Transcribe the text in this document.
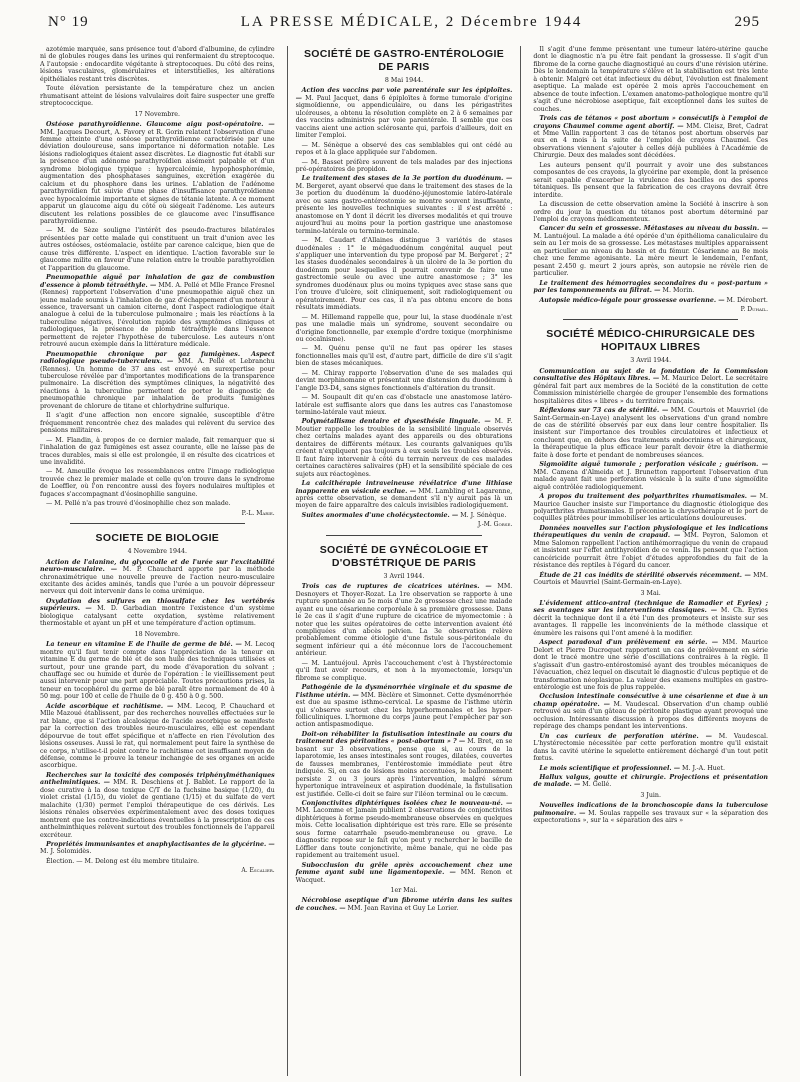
N° 19	LA PRESSE MÉDICALE, 2 Décembre 1944	295

azotémie marquée, sans présence tout d'abord d'albumine, de cylindre ni de globules rouges dans les urines qui renfermaient du streptocoque. A l'autopsie : endocardite végétante à streptocoques. Du côté des reins, lésions vasculaires, glomérulaires et interstitielles, les altérations épithéliales restant très discrètes.

Toute élévation persistante de la température chez un ancien rhumatisant atteint de lésions valvulaires doit faire suspecter une greffe streptococcique.

17 Novembre.

Ostéose parathyroïdienne. Glaucome aigu post-opératoire. — MM. Jacques Decourt, A. Favory et R. Gorin relatent l'observation d'une femme atteinte d'une ostéose parathyroïdienne caractérisée par une déviation douloureuse, sans importance ni déformation notable. Les lésions radiologiques étaient assez discrètes. Le diagnostic fut établi sur la présence d'un adénome parathyroïdien aisément palpable et d'un syndrome biologique typique : hypercalcémie, hypophosphorémie, augmentation des phosphatases sanguines, excrétion exagérée du calcium et du phosphore dans les urines. L'ablation de l'adénome parathyroïdien fut suivie d'une phase d'insuffisance parathyroïdienne avec hypocalcémie importante et signes de tétanie latente. A ce moment apparut un glaucome aigu du côté où siégeait l'adénome. Les auteurs discutent les relations possibles de ce glaucome avec l'insuffisance parathyroïdienne.

— M. de Sèze souligne l'intérêt des pseudo-fractures bilatérales présentées par cette malade qui constituent un trait d'union avec les autres ostéoses, ostéomalacie, ostéite par carence calcique, bien que de cause très différente. L'aspect en identique. L'action favorable sur le glaucome milite en faveur d'une relation entre le trouble parathyroïdien et l'apparition du glaucome.

Pneumopathie aiguë par inhalation de gaz de combustion d'essence à plomb tétraéthyle. — MM. A. Pellé et Mlle France Fresnel (Rennes) rapportent l'observation d'une pneumopathie aiguë chez un jeune malade soumis à l'inhalation de gaz d'échappement d'un moteur à essence, traversant un camion citerne, dont l'aspect radiologique était analogue à celui de la tuberculose pulmonaire ; mais les réactions à la tuberculine négatives, l'évolution rapide des symptômes cliniques et radiologiques, la présence de plomb tétraéthyle dans l'essence permettent de rejeter l'hypothèse de tuberculose. Les auteurs n'ont retrouvé aucun exemple dans la littérature médicale.

Pneumopathie chronique par gaz fumigènes. Aspect radiologique pseudo-tuberculeux. — MM. A. Pellé et Lebranchu (Rennes). Un homme de 37 ans est envoyé en surexpertise pour tuberculose révélée par d'importantes modifications de la transparence pulmonaire. La discrétion des symptômes cliniques, la négativité des réactions à la tuberculine permettent de porter le diagnostic de pneumopathie chronique par inhalation de produits fumigènes provenant de chlorure de titane et chlorhydrine sulfurique.

Il s'agit d'une affection non encore signalée, susceptible d'être fréquemment rencontrée chez des malades qui relèvent du service des pensions militaires.

— M. Flandin, à propos de ce dernier malade, fait remarquer que si l'inhalation de gaz fumigènes est assez courante, elle ne laisse pas de traces durables, mais si elle est prolongée, il en résulte des cicatrices et une invalidité.

— M. Ameuille évoque les ressemblances entre l'image radiologique trouvée chez le premier malade et celle qu'on trouve dans le syndrome de Loeffler, où l'on rencontre aussi des foyers nodulaires multiples et fugaces s'accompagnant d'éosinophilie sanguine.

— M. Pellé n'a pas trouvé d'éosinophilie chez son malade.

P.-L. Marie.
SOCIETE DE BIOLOGIE
4 Novembre 1944.

Action de l'alanine, du glycocolle et de l'urée sur l'excitabilité neuro-musculaire. — M. P. Chauchard apporte par la méthode chronaximétrique une nouvelle preuve de l'action neuro-musculaire excitante des acides aminés, tandis que l'urée a un pouvoir dépresseur nerveux qui doit intervenir dans le coma urémique.

Oxydation des sulfures en thiosulfate chez les vertébrés supérieurs. — M. D. Garbadian montre l'existence d'un système biologique catalysant cette oxydation, système relativement thermostable et ayant un pH et une température d'action optimum.

18 Novembre.

La teneur en vitamine E de l'huile de germe de blé. — M. Lecoq montre qu'il faut tenir compte dans l'appréciation de la teneur en vitamine E du germe de blé et de son huile des techniques utilisées et surtout, pour une grande part, du mode d'évaporation du solvant ; chauffage sec ou humide et durée de l'opération : le vieillissement peut aussi intervenir pour une part appréciable. Toutes précautions prises, la teneur en tocophérol du germe de blé paraît être normalement de 40 à 50 mg. pour 100 et celle de l'huile de 0 g. 450 à 0 g. 500.

Acide ascorbique et rachitisme. — MM. Lecoq, P. Chauchard et Mlle Mazoué établissent, par des recherches nouvelles effectuées sur le rat blanc, que si l'action alcalosique de l'acide ascorbique se manifeste par la correction des troubles neuro-musculaires, elle est cependant dépourvue de tout effet spécifique et n'affecte en rien l'évolution des lésions osseuses. Aussi le rat, qui normalement peut faire la synthèse de ce corps, n'utilise-t-il point contre le rachitisme cet insuffisant moyen de défense, comme le prouve la teneur inchangée de ses organes en acide ascorbique.

Recherches sur la toxicité des composés triphénylméthaniques anthelmintiques. — MM. R. Deschiens et J. Bablet. Le rapport de la dose curative à la dose toxique C/T de la fuchsine basique (1/20), du violet cristal (1/15), du violet de gentiane (1/15) et du sulfate de vert malachite (1/30) permet l'emploi thérapeutique de ces dérivés. Les lésions rénales observées expérimentalement avec des doses toxiques montrent que les contre-indications éventuelles à la prescription de ces anthelminthiques relèvent surtout des troubles fonctionnels de l'appareil excréteur.

Propriétés immunisantes et anaphylactisantes de la glycérine. — M. J. Solomidès.

Élection. — M. Delong est élu membre titulaire.

A. Escalier.
SOCIÉTÉ DE GASTRO-ENTÉROLOGIE DE PARIS
8 Mai 1944.

Action des vaccins par voie parentérale sur les épiploïtes. — M. Paul Jacquet, dans 6 épiploïtes à forme tumorale d'origine sigmoïdienne, ou appendiculaire, ou dans les périgastrites ulcéreuses, a obtenu la résolution complète en 2 à 6 semaines par des vaccins administrés par voie parentérale. Il semble que ces vaccins aient une action sclérosante qui, parfois d'ailleurs, doit en limiter l'emploi.

— M. Sénèque a observé des cas semblables qui ont cédé au repos et à la glace appliquée sur l'abdomen.

— M. Basset préfère souvent de tels malades par des injections pré-opératoires de propidon.

Le traitement des stases de la 3e portion du duodénum. — M. Bergeret, ayant observé que dans le traitement des stases de la 3e portion du duodénum la duodéno-jéjunostomie latéro-latérale avec ou sans gastro-entérostomie se montre souvent insuffisante, présente les nouvelles techniques suivantes : il s'est arrêté : anastomose en Y dont il décrit les diverses modalités et qui trouve aujourd'hui au moins pour la portion gastrique une anastomose termino-latérale ou termino-terminale.

— M. Caudart d'Allaines distingue 3 variétés de stases duodénales : 1° le mégaduodénum congénital auquel peut s'appliquer une intervention du type proposé par M. Bergeret ; 2° les stases duodénales secondaires à un ulcère de la 3e portion du duodénum pour lesquelles il pourrait convenir de faire une gastrectomie seule ou avec une autre anastomose ; 3° les syndromes duodénaux plus ou moins typiques avec stase sans que l'on trouve d'ulcère, soit cliniquement, soit radiologiquement ou opératoirement. Pour ces cas, il n'a pas obtenu encore de bons résultats immédiats.

— M. Hillemand rappelle que, pour lui, la stase duodénale n'est pas une maladie mais un syndrome, souvent secondaire ou d'origine fonctionnelle, par exemple d'ordre toxique (morphinisme ou cocaïnisme).

— M. Quénu pense qu'il ne faut pas opérer les stases fonctionnelles mais qu'il est, d'autre part, difficile de dire s'il s'agit bien de stases mécaniques.

— M. Chiray rapporte l'observation d'une de ses malades qui devint morphinomane et présentait une distension du duodénum à l'angle D3-D4, sans signes fonctionnels d'altération du transit.

— M. Soupault dit qu'en cas d'obstacle une anastomose latéro-latérale est suffisante alors que dans les autres cas l'anastomose termino-latérale vaut mieux.

Polymétallisme dentaire et dysesthésie linguale. — M. F. Moutier rappelle les troubles de la sensibilité linguale observés chez certains malades ayant des appareils ou des obturations dentaires de différents métaux. Les courants galvaniques qu'ils créent n'expliquent pas toujours à eux seuls les troubles observés. Il faut faire intervenir à côté du terrain nerveux de ces malades certaines caractères salivaires (pH) et la sensibilité spéciale de ces sujets aux réactogènes.

La calcithérapie intraveineuse révélatrice d'une lithiase inapparente en vésicule exclue. — MM. Lambling et Lagarenne, après cette observation, se demandent s'il n'y aurait pas là un moyen de faire apparaître des calculs invisibles radiologiquement.

Suites anormales d'une cholécystectomie. — M. J. Sénèque.

J.-M. Gorse.
SOCIÉTÉ DE GYNÉCOLOGIE ET D'OBSTÉTRIQUE DE PARIS
3 Avril 1944.

Trois cas de ruptures de cicatrices utérines. — MM. Desnoyers et Thoyer-Rozat. La 1re observation se rapporte à une rupture spontanée au 5e mois d'une 2e grossesse chez une malade ayant eu une césarienne corporéale à sa première grossesse. Dans le 2e cas il s'agit d'une rupture de cicatrice de myomectomie : à noter que les suites opératoires de cette intervention avaient été compliquées d'un abcès pelvien. La 3e observation relève probablement comme étiologie d'une fistule sous-péritonéale du segment inférieur qui a été méconnue lors de l'accouchement antérieur.

— M. Lantuéjoul. Après l'accouchement c'est à l'hystérectomie qu'il faut avoir recours, et non à la myomectomie, lorsqu'un fibrome se complique.

Pathogénie de la dysménorrhée virginale et du spasme de l'isthme utérin. — MM. Bèclère et Simonnet. Cette dysménorrhée est due au spasme isthmo-cervical. Le spasme de l'isthme utérin qui s'observe surtout chez les hyperhormonales et les hyper-folliculiniques. L'hormone du corps jaune peut l'empêcher par son action antispasmodique.

Doit-on réhabiliter la fistulisation intestinale au cours du traitement des péritonites « post-abortum » ? — M. Bret, en se basant sur 3 observations, pense que si, au cours de la laparotomie, les anses intestinales sont rouges, dilatées, couvertes de fausses membranes, l'entérostomie immédiate peut être indiquée. Si, en cas de lésions moins accentuées, le ballonnement persiste 2 ou 3 jours après l'intervention, malgré sérum hypertonique intraveineux et aspiration duodénale, la fistulisation est justifiée. Celle-ci doit se faire sur l'iléon terminal ou le cæcum.

Conjonctivites diphtériques isolées chez le nouveau-né. — MM. Lacomme et Jamain publient 2 observations de conjonctivites diphtériques à forme pseudo-membraneuse observées en quelques mois. Cette localisation diphtérique est très rare. Elle se présente sous forme catarrhale pseudo-membraneuse ou grave. Le diagnostic repose sur le fait qu'on peut y rechercher le bacille de Löffler dans toute conjonctivite, même banale, qui ne cède pas rapidement au traitement usuel.

Subocclusion du grêle après accouchement chez une femme ayant subi une ligamentopexie. — MM. Renon et Wacquet.

1er Mai.

Nécrobiose aseptique d'un fibrome utérin dans les suites de couches. — MM. Jean Ravina et Guy Le Lorier.

Il s'agit d'une femme présentant une tumeur latéro-utérine gauche dont le diagnostic n'a pu être fait pendant la grossesse. Il s'agit d'un fibrome de la corne gauche diagnostiqué au cours d'une révision utérine. Dès le lendemain la température s'élève et la stabilisation est très lente à obtenir. Malgré cet état infectieux du début, l'évolution est finalement aseptique. La malade est opérée 2 mois après l'accouchement en absence de toute infection. L'examen anatomo-pathologique montre qu'il s'agit d'une nécrobiose aseptique, fait exceptionnel dans les suites de couches.

Trois cas de tétanos « post abortum » consécutifs à l'emploi de crayons Chaumel comme agent abortif. — MM. Cleisz, Bret, Cadrat et Mme Vallin rapportent 3 cas de tétanos post abortum observés par eux en 4 mois à la suite de l'emploi de crayons Chaumel. Ces observations viennent s'ajouter à celles déjà publiées à l'Académie de Chirurgie. Deux des malades sont décédées.

Les auteurs pensent qu'il pourrait y avoir une des substances composantes de ces crayons, la glycérine par exemple, dont la présence serait capable d'exacerber la virulence des bacilles ou des spores tétaniques. Ils pensent que la fabrication de ces crayons devrait être interdite.

La discussion de cette observation amène la Société à inscrire à son ordre du jour la question du tétanos post abortum déterminé par l'emploi de crayons médicamenteux.

Cancer du sein et grossesse. Métastases au niveau du bassin. — M. Lantuéjoul. La malade a été opérée d'un épithélioma canaliculaire du sein au 1er mois de sa grossesse. Les métastases multiples apparaissent en particulier au niveau du bassin et du fémur. Césarienne au 8e mois chez une femme agonisante. La mère meurt le lendemain, l'enfant, pesant 2.450 g. meurt 2 jours après, son autopsie ne révèle rien de particulier.

Le traitement des hémorragies secondaires du « post-partum » par les tamponnements au filtrat. — M. Morin.

Autopsie médico-légale pour grossesse ovarienne. — M. Dérobert.

P. Duhail.
SOCIÉTÉ MÉDICO-CHIRURGICALE DES HOPITAUX LIBRES
3 Avril 1944.

Communication au sujet de la fondation de la Commission consultative des Hôpitaux libres. — M. Maurice Delort. Le secrétaire général fait part aux membres de la Société de la constitution de cette Commission ministérielle chargée de grouper l'ensemble des formations hospitalières dites « libres » du territoire français.

Réflexions sur 73 cas de stérilité. — MM. Courtois et Mauvriel (de Saint-Germain-en-Laye) analysent les observations d'un grand nombre de cas de stérilité observés par eux dans leur centre hospitalier. Ils insistent sur l'importance des troubles circulatoires et infectieux et concluent que, en dehors des traitements endocriniens et chirurgicaux, la thérapeutique la plus efficace leur paraît devoir être la diathermie faite à dose forte et pendant de nombreuses séances.

Sigmoïdite aiguë tumorale ; perforation vésicale ; guérison. — MM. Camena d'Almeida et J. Brunetton rapportent l'observation d'un malade ayant fait une perforation vésicale à la suite d'une sigmoïdite aiguë contrôlée radiologiquement.

A propos du traitement des polyarthrites rhumatismales. — M. Maurice Gaucher insiste sur l'importance du diagnostic étiologique des polyarthrites rhumatismales. Il préconise la chrysothérapie et le port de coquilles plâtrées pour immobiliser les articulations douloureuses.

Données nouvelles sur l'action physiologique et les indications thérapeutiques du venin de crapaud. — MM. Peyron, Salomon et Mme Salomon rappellent l'action antihémorragique du venin de crapaud et insistent sur l'effet antithyroïdien de ce venin. Ils pensent que l'action cancéricide pourrait être l'objet d'études approfondies du fait de la résistance des reptiles à l'égard du cancer.

Étude de 21 cas inédits de stérilité observés récemment. — MM. Courtois et Mauvriel (Saint-Germain-en-Laye).

3 Mai.

L'évidement attico-antral (technique de Ramadier et Eyries) ; ses avantages sur les interventions classiques. — M. Ch. Eyries décrit la technique dont il a été l'un des promoteurs et insiste sur ses avantages. Il rappelle les inconvénients de la méthode classique et énumère les raisons qui l'ont amené à la modifier.

Aspect paradoxal d'un prélèvement en série. — MM. Maurice Delort et Pierre Ducroquet rapportent un cas de prélèvement en série dont le tracé montre une série d'oscillations contraires à la règle. Il s'agissait d'un gastro-entérostomisé ayant des troubles mécaniques de l'évacuation, chez lequel on discutait le diagnostic d'ulcus peptique et de transformation néoplasique. La valeur des examens multiples en gastro-entérologie est une fois de plus rappelée.

Occlusion intestinale consécutive à une césarienne et due à un champ opératoire. — M. Vaudescal. Observation d'un champ oublié retrouvé au sein d'un gâteau de péritonite plastique ayant provoqué une occlusion. Intéressante discussion à propos des différents moyens de repérage des champs pendant les interventions.

Un cas curieux de perforation utérine. — M. Vaudescal. L'hystérectomie nécessitée par cette perforation montre qu'il existait dans la cavité utérine le squelette entièrement déchargé d'un tout petit fœtus.

Le mois scientifique et professionnel. — M. J.-A. Huet.

Hallux valgus, goutte et chirurgie. Projections et présentation de malade. — M. Gellé.

3 Juin.

Nouvelles indications de la bronchoscopie dans la tuberculose pulmonaire. — M. Soulas rappelle ses travaux sur « la séparation des expectorations », sur la « séparation des airs »
